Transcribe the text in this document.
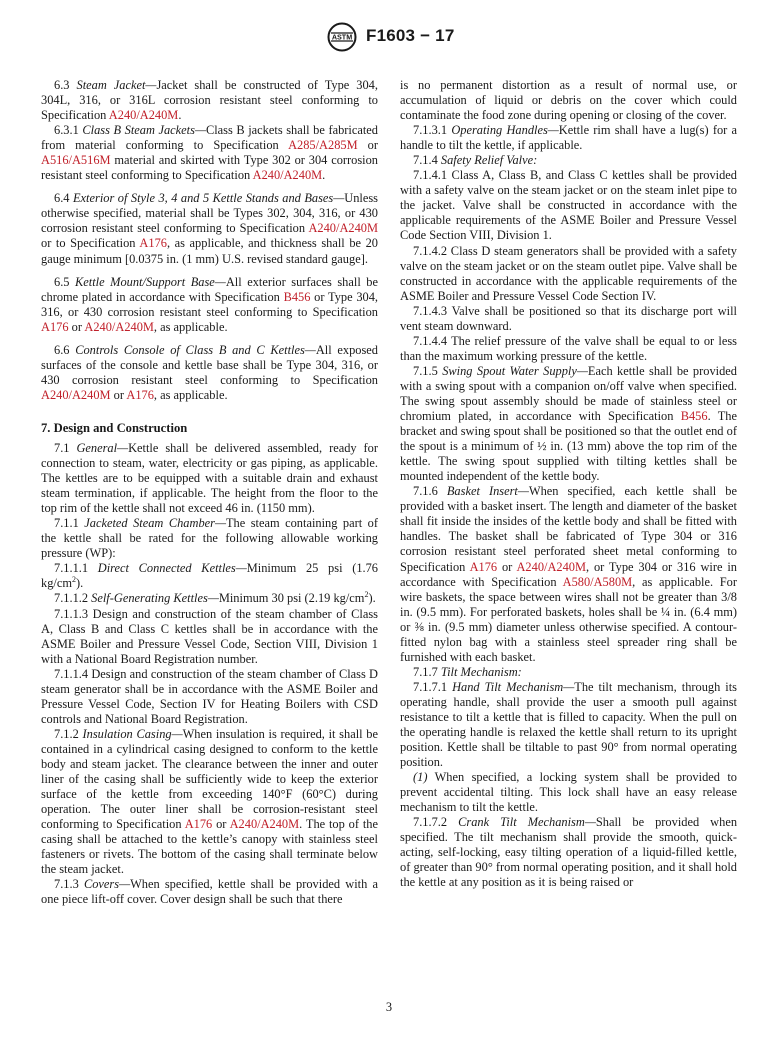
ASTM F1603 − 17

6.3 Steam Jacket—Jacket shall be constructed of Type 304, 304L, 316, or 316L corrosion resistant steel conforming to Specification A240/A240M.

6.3.1 Class B Steam Jackets—Class B jackets shall be fabricated from material conforming to Specification A285/A285M or A516/A516M material and skirted with Type 302 or 304 corrosion resistant steel conforming to Specification A240/A240M.

6.4 Exterior of Style 3, 4 and 5 Kettle Stands and Bases—Unless otherwise specified, material shall be Types 302, 304, 316, or 430 corrosion resistant steel conforming to Specification A240/A240M or to Specification A176, as applicable, and thickness shall be 20 gauge minimum [0.0375 in. (1 mm) U.S. revised standard gauge].

6.5 Kettle Mount/Support Base—All exterior surfaces shall be chrome plated in accordance with Specification B456 or Type 304, 316, or 430 corrosion resistant steel conforming to Specification A176 or A240/A240M, as applicable.

6.6 Controls Console of Class B and C Kettles—All exposed surfaces of the console and kettle base shall be Type 304, 316, or 430 corrosion resistant steel conforming to Specification A240/A240M or A176, as applicable.

7. Design and Construction

7.1 General—Kettle shall be delivered assembled, ready for connection to steam, water, electricity or gas piping, as applicable. The kettles are to be equipped with a suitable drain and exhaust steam termination, if applicable. The height from the floor to the top rim of the kettle shall not exceed 46 in. (1150 mm).

7.1.1 Jacketed Steam Chamber—The steam containing part of the kettle shall be rated for the following allowable working pressure (WP):

7.1.1.1 Direct Connected Kettles—Minimum 25 psi (1.76 $kg/cm^2$).

7.1.1.2 Self-Generating Kettles—Minimum 30 psi (2.19 $kg/cm^2$).

7.1.1.3 Design and construction of the steam chamber of Class A, Class B and Class C kettles shall be in accordance with the ASME Boiler and Pressure Vessel Code, Section VIII, Division 1 with a National Board Registration number.

7.1.1.4 Design and construction of the steam chamber of Class D steam generator shall be in accordance with the ASME Boiler and Pressure Vessel Code, Section IV for Heating Boilers with CSD controls and National Board Registration.

7.1.2 Insulation Casing—When insulation is required, it shall be contained in a cylindrical casing designed to conform to the kettle body and steam jacket. The clearance between the inner and outer liner of the casing shall be sufficiently wide to keep the exterior surface of the kettle from exceeding 140°F (60°C) during operation. The outer liner shall be corrosion-resistant steel conforming to Specification A176 or A240/A240M. The top of the casing shall be attached to the kettle’s canopy with stainless steel fasteners or rivets. The bottom of the casing shall terminate below the steam jacket.

7.1.3 Covers—When specified, kettle shall be provided with a one piece lift-off cover. Cover design shall be such that there

is no permanent distortion as a result of normal use, or accumulation of liquid or debris on the cover which could contaminate the food zone during opening or closing of the cover.

7.1.3.1 Operating Handles—Kettle rim shall have a lug(s) for a handle to tilt the kettle, if applicable.

7.1.4 Safety Relief Valve:

7.1.4.1 Class A, Class B, and Class C kettles shall be provided with a safety valve on the steam jacket or on the steam inlet pipe to the jacket. Valve shall be constructed in accordance with the applicable requirements of the ASME Boiler and Pressure Vessel Code Section VIII, Division 1.

7.1.4.2 Class D steam generators shall be provided with a safety valve on the steam jacket or on the steam outlet pipe. Valve shall be constructed in accordance with the applicable requirements of the ASME Boiler and Pressure Vessel Code Section IV.

7.1.4.3 Valve shall be positioned so that its discharge port will vent steam downward.

7.1.4.4 The relief pressure of the valve shall be equal to or less than the maximum working pressure of the kettle.

7.1.5 Swing Spout Water Supply—Each kettle shall be provided with a swing spout with a companion on/off valve when specified. The swing spout assembly should be made of stainless steel or chromium plated, in accordance with Specification B456. The bracket and swing spout shall be positioned so that the outlet end of the spout is a minimum of ½ in. (13 mm) above the top rim of the kettle. The swing spout supplied with tilting kettles shall be mounted independent of the kettle body.

7.1.6 Basket Insert—When specified, each kettle shall be provided with a basket insert. The length and diameter of the basket shall fit inside the insides of the kettle body and shall be fitted with handles. The basket shall be fabricated of Type 304 or 316 corrosion resistant steel perforated sheet metal conforming to Specification A176 or A240/A240M, or Type 304 or 316 wire in accordance with Specification A580/A580M, as applicable. For wire baskets, the space between wires shall not be greater than 3/8 in. (9.5 mm). For perforated baskets, holes shall be ¼ in. (6.4 mm) or ⅜ in. (9.5 mm) diameter unless otherwise specified. A contour-fitted nylon bag with a stainless steel spreader ring shall be furnished with each basket.

7.1.7 Tilt Mechanism:

7.1.7.1 Hand Tilt Mechanism—The tilt mechanism, through its operating handle, shall provide the user a smooth pull against resistance to tilt a kettle that is filled to capacity. When the pull on the operating handle is relaxed the kettle shall return to its upright position. Kettle shall be tiltable to past 90° from normal operating position.

(1) When specified, a locking system shall be provided to prevent accidental tilting. This lock shall have an easy release mechanism to tilt the kettle.

7.1.7.2 Crank Tilt Mechanism—Shall be provided when specified. The tilt mechanism shall provide the smooth, quick-acting, self-locking, easy tilting operation of a liquid-filled kettle, of greater than 90° from normal operating position, and it shall hold the kettle at any position as it is being raised or

3
